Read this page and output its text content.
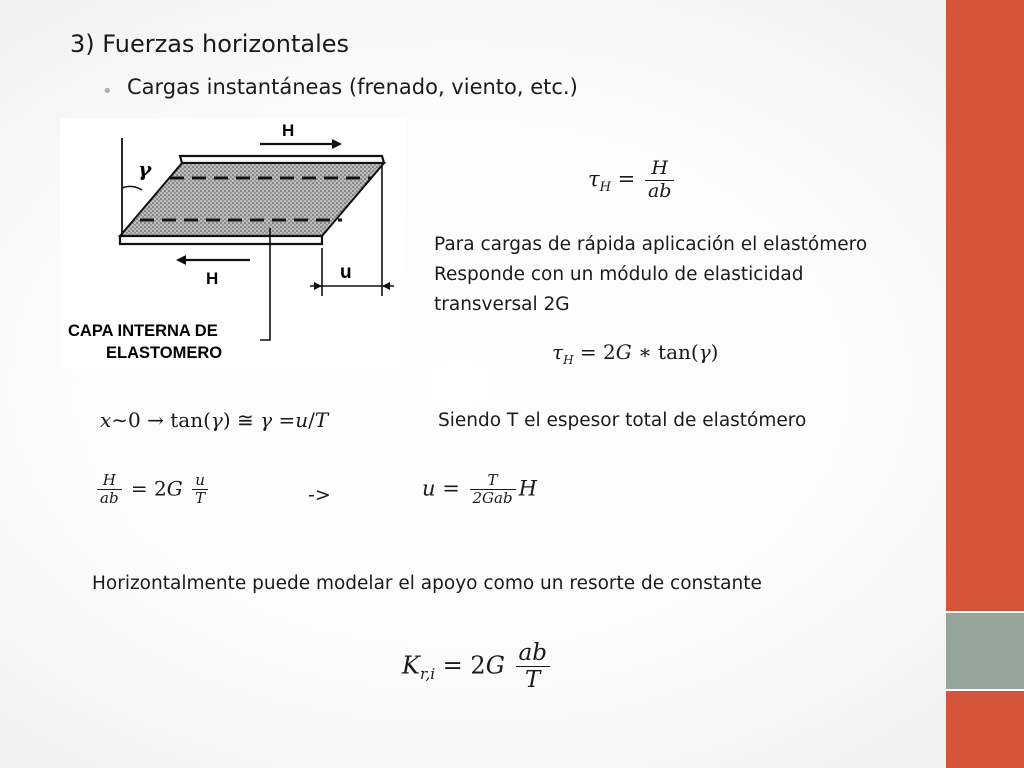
3) Fuerzas horizontales
• Cargas instantáneas (frenado, viento, etc.)
H
H
γ
u
CAPA INTERNA DE
ELASTOMERO
$\tau_H = \frac{H}{ab}$
Para cargas de rápida aplicación el elastómero
Responde con un módulo de elasticidad
transversal 2G
$\tau_H = 2G$ ∗ tan(γ)
x∼0 → tan(γ) ≅ γ =u/T	Siendo T el espesor total de elastómero
$\frac{H}{ab} = 2G \frac{u}{T}$	->	$u = \frac{T}{\text{2Gab}}$ H
Horizontalmente puede modelar el apoyo como un resorte de constante
$K_{r,i} = 2G \frac{ab}{T}$
